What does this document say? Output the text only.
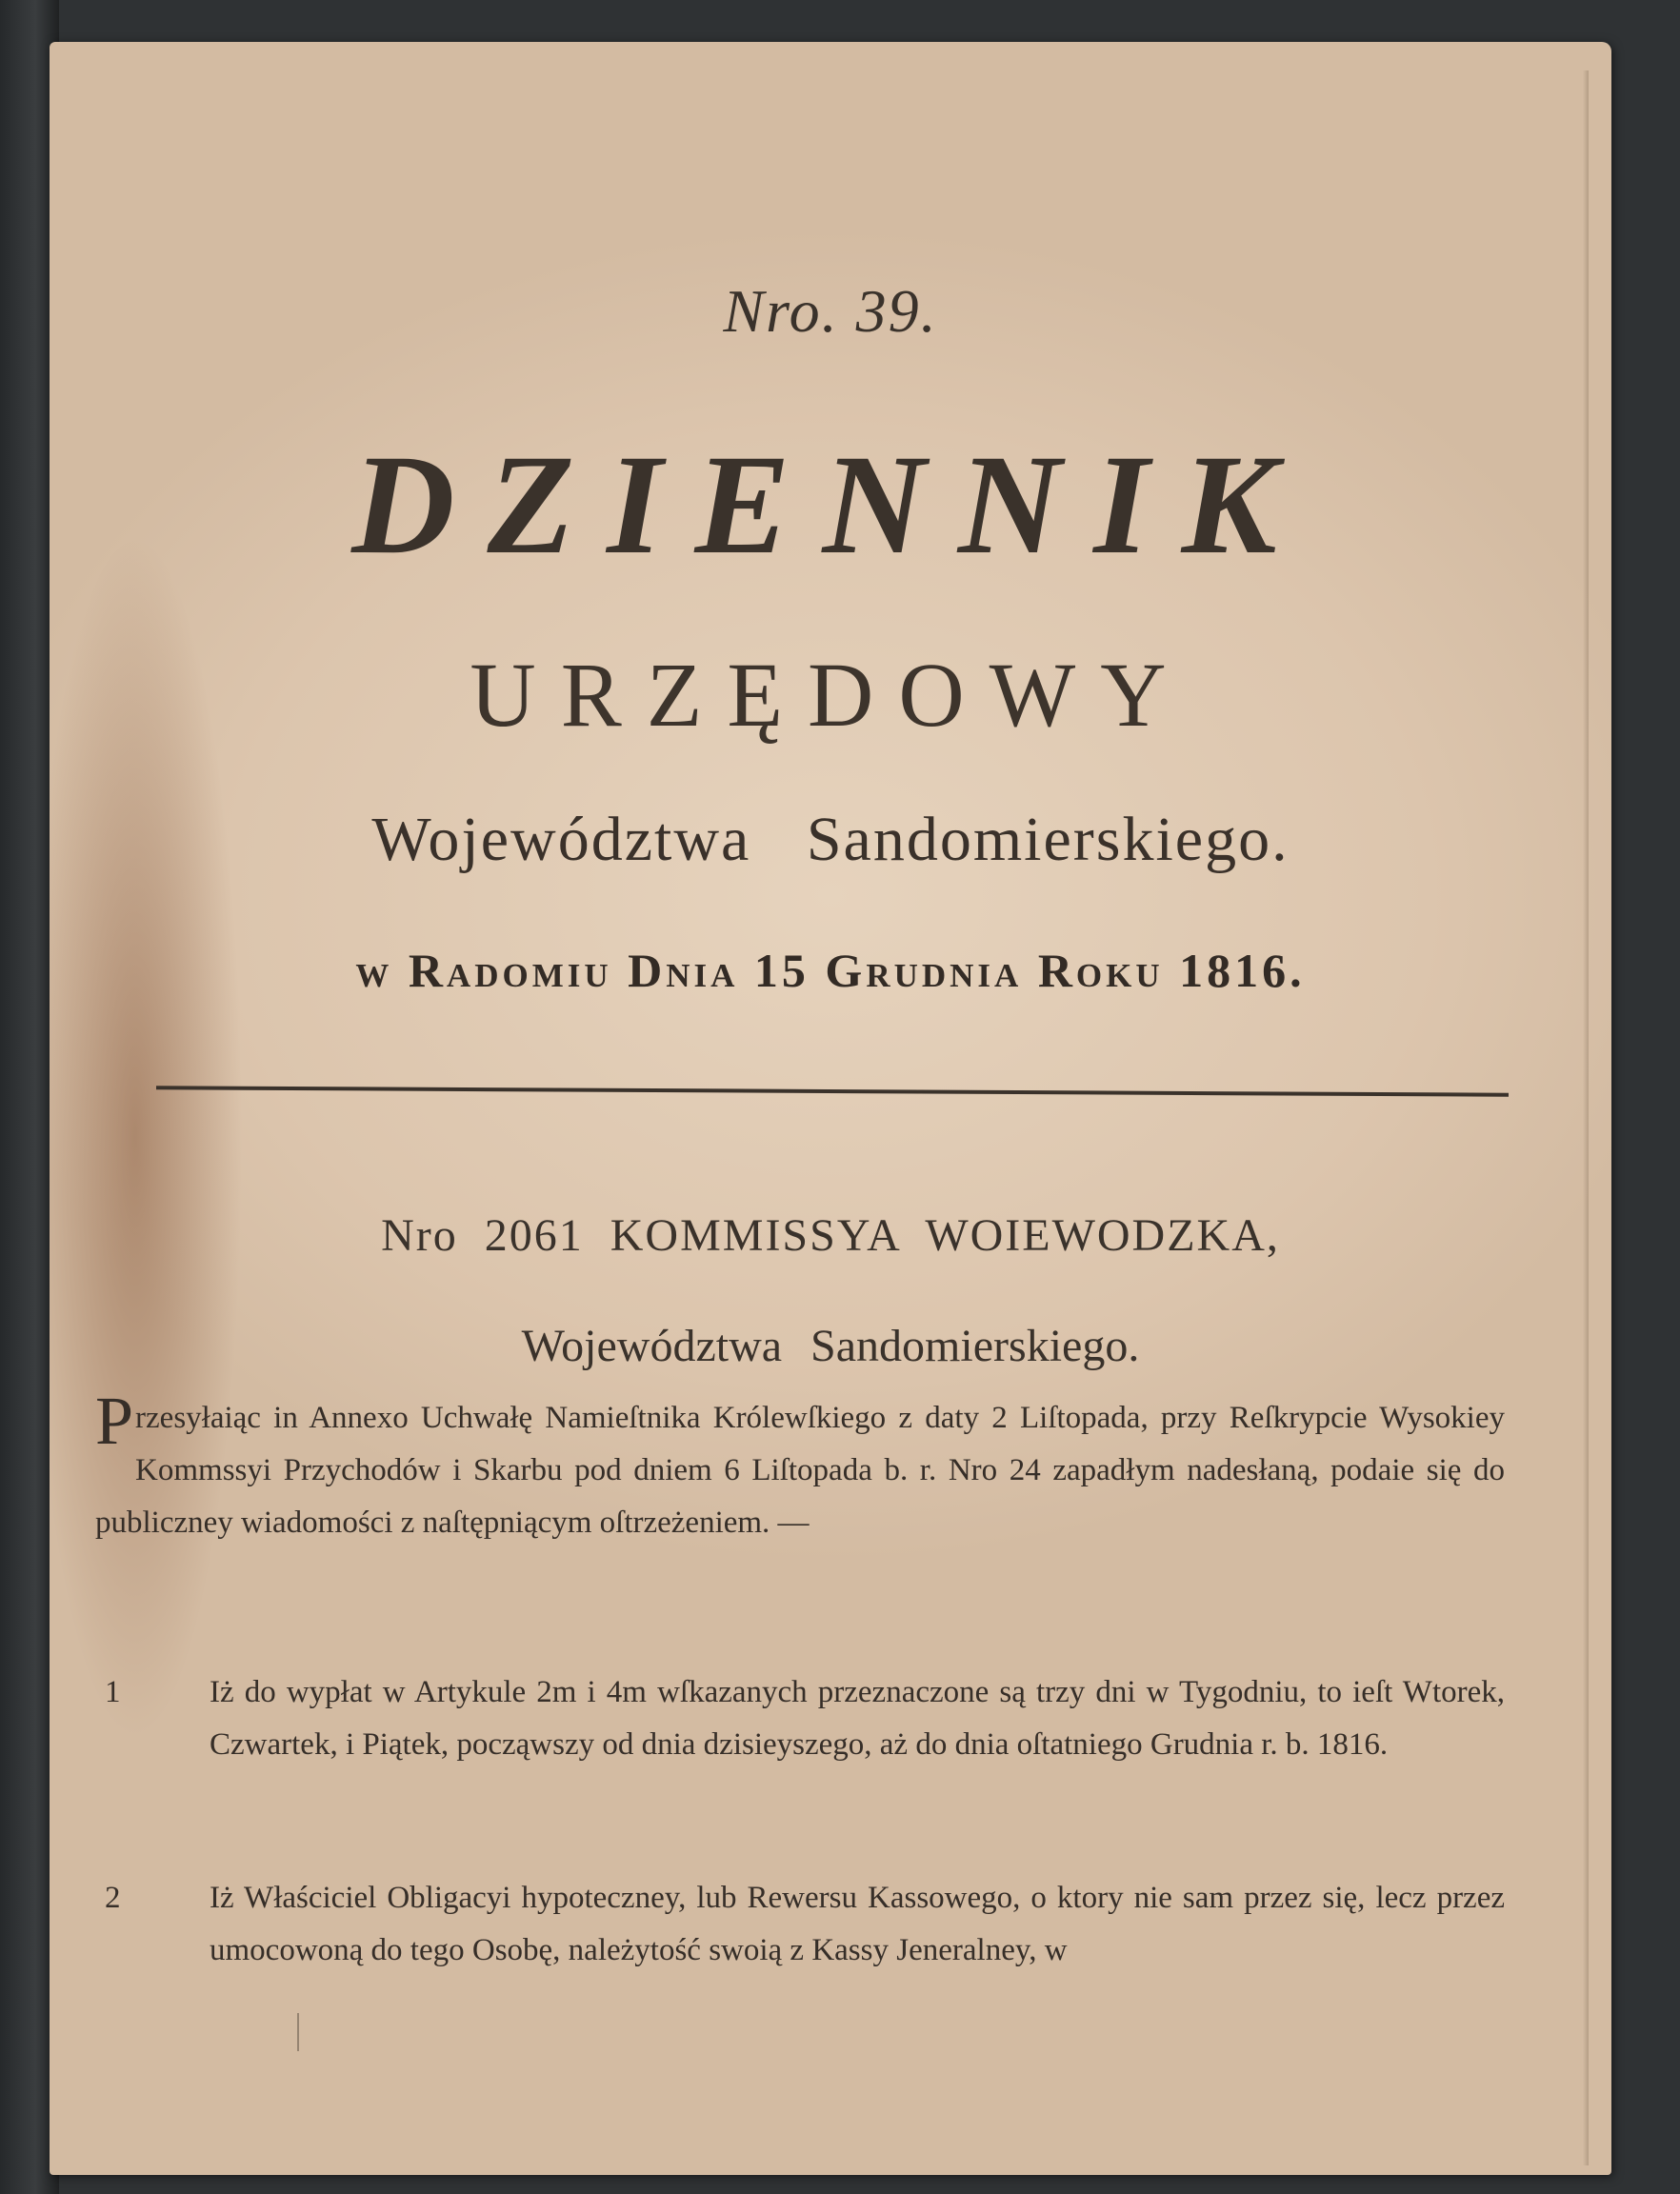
Nro. 39.
DZIENNIK
URZĘDOWY
Województwa Sandomierskiego.
w Radomiu Dnia 15 Grudnia Roku 1816.
Nro 2061 KOMMISSYA WOIEWODZKA,
Województwa Sandomierskiego.
P rzesyłaiąc in Annexo Uchwałę Namieſtnika Królewſkiego z daty 2 Liſtopada, przy Reſkrypcie Wysokiey Kommssyi Przychodów i Skarbu pod dniem 6 Liſtopada b. r. Nro 24 zapadłym nadesłaną, podaie się do publiczney wiadomości z naſtępniącym oſtrzeżeniem. —
1	Iż do wypłat w Artykule 2m i 4m wſkazanych przeznaczone są trzy dni w Tygodniu, to ieſt Wtorek, Czwartek, i Piątek, począwszy od dnia dzisieyszego, aż do dnia oſtatniego Grudnia r. b. 1816.
2	Iż Właściciel Obligacyi hypoteczney, lub Rewersu Kassowego, o ktory nie sam przez się, lecz przez umocowoną do tego Osobę, należytość swoią z Kassy Jeneralney, w
